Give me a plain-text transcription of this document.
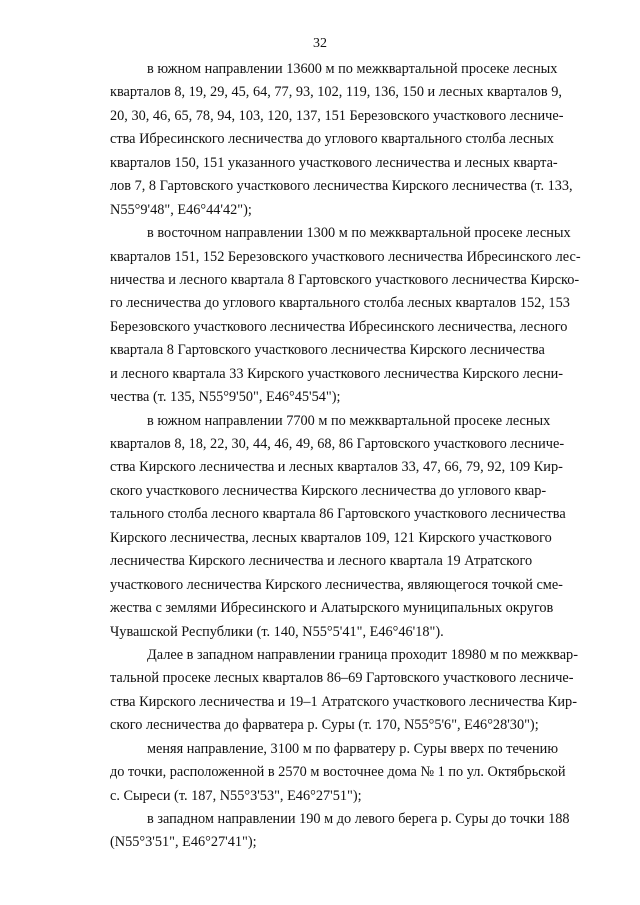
32
в южном направлении 13600 м по межквартальной просеке лесных
кварталов 8, 19, 29, 45, 64, 77, 93, 102, 119, 136, 150 и лесных кварталов 9,
20, 30, 46, 65, 78, 94, 103, 120, 137, 151 Березовского участкового лесниче-
ства Ибресинского лесничества до углового квартального столба лесных
кварталов 150, 151 указанного участкового лесничества и лесных кварта-
лов 7, 8 Гартовского участкового лесничества Кирского лесничества (т. 133,
N55°9'48", E46°44'42");
в восточном направлении 1300 м по межквартальной просеке лесных
кварталов 151, 152 Березовского участкового лесничества Ибресинского лес-
ничества и лесного квартала 8 Гартовского участкового лесничества Кирско-
го лесничества до углового квартального столба лесных кварталов 152, 153
Березовского участкового лесничества Ибресинского лесничества, лесного
квартала 8 Гартовского участкового лесничества Кирского лесничества
и лесного квартала 33 Кирского участкового лесничества Кирского лесни-
чества (т. 135, N55°9'50", E46°45'54");
в южном направлении 7700 м по межквартальной просеке лесных
кварталов 8, 18, 22, 30, 44, 46, 49, 68, 86 Гартовского участкового лесниче-
ства Кирского лесничества и лесных кварталов 33, 47, 66, 79, 92, 109 Кир-
ского участкового лесничества Кирского лесничества до углового квар-
тального столба лесного квартала 86 Гартовского участкового лесничества
Кирского лесничества, лесных кварталов 109, 121 Кирского участкового
лесничества Кирского лесничества и лесного квартала 19 Атратского
участкового лесничества Кирского лесничества, являющегося точкой сме-
жества с землями Ибресинского и Алатырского муниципальных округов
Чувашской Республики (т. 140, N55°5'41", E46°46'18").
Далее в западном направлении граница проходит 18980 м по межквар-
тальной просеке лесных кварталов 86–69 Гартовского участкового лесниче-
ства Кирского лесничества и 19–1 Атратского участкового лесничества Кир-
ского лесничества до фарватера р. Суры (т. 170, N55°5'6", E46°28'30");
меняя направление, 3100 м по фарватеру р. Суры вверх по течению
до точки, расположенной в 2570 м восточнее дома № 1 по ул. Октябрьской
с. Сыреси (т. 187, N55°3'53", E46°27'51");
в западном направлении 190 м до левого берега р. Суры до точки 188
(N55°3'51", E46°27'41");
